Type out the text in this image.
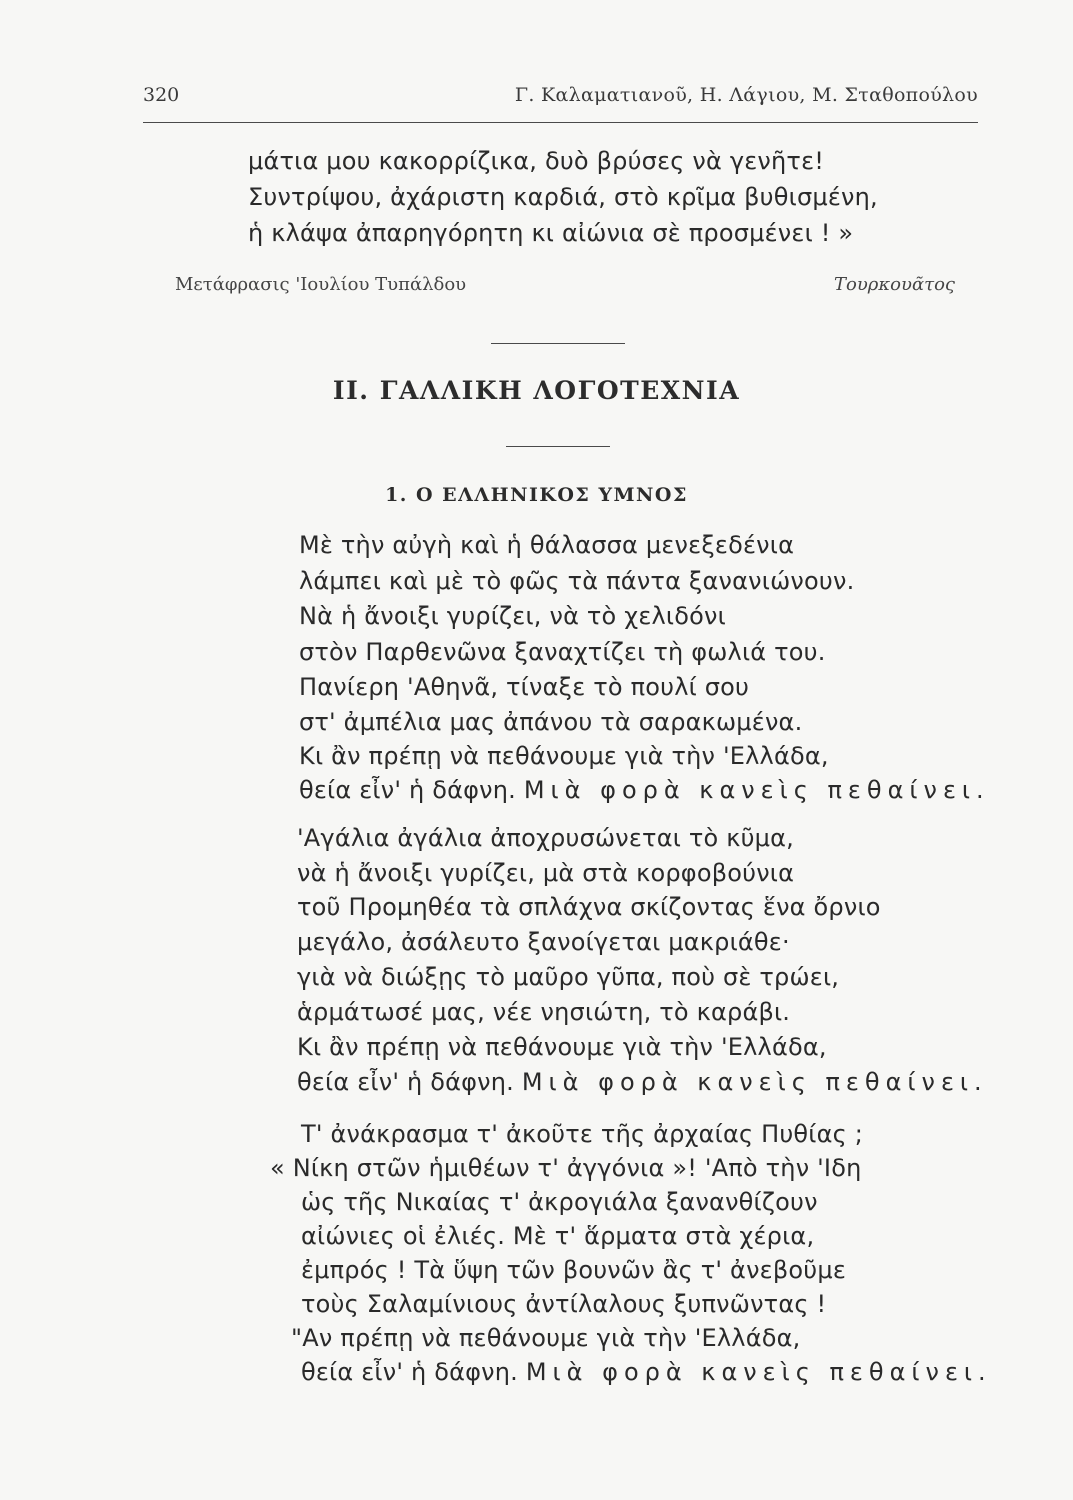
320	Γ. Καλαματιανοῦ, Η. Λάγιου, Μ. Σταθοπούλου
μάτια μου κακορρίζικα, δυὸ βρύσες νὰ γενῆτε!
Συντρίψου, ἀχάριστη καρδιά, στὸ κρῖμα βυθισμένη,
ἡ κλάψα ἀπαρηγόρητη κι αἰώνια σὲ προσμένει ! »
Μετάφρασις 'Ιουλίου Τυπάλδου	Τουρκουᾶτος
ΙΙ. ΓΑΛΛΙΚΗ ΛΟΓΟΤΕΧΝΙΑ
1. Ο ΕΛΛΗΝΙΚΟΣ ΥΜΝΟΣ
Μὲ τὴν αὐγὴ καὶ ἡ θάλασσα μενεξεδένια
λάμπει καὶ μὲ τὸ φῶς τὰ πάντα ξανανιώνουν.
Νὰ ἡ ἄνοιξι γυρίζει, νὰ τὸ χελιδόνι
στὸν Παρθενῶνα ξαναχτίζει τὴ φωλιά του.
Πανίερη 'Αθηνᾶ, τίναξε τὸ πουλί σου
στ' ἀμπέλια μας ἀπάνου τὰ σαρακωμένα.
Κι ἂν πρέπῃ νὰ πεθάνουμε γιὰ τὴν 'Ελλάδα,
θεία εἶν' ἡ δάφνη. Μιὰ φορὰ κανεὶς πεθαίνει.
'Αγάλια ἀγάλια ἀποχρυσώνεται τὸ κῦμα,
νὰ ἡ ἄνοιξι γυρίζει, μὰ στὰ κορφοβούνια
τοῦ Προμηθέα τὰ σπλάχνα σκίζοντας ἕνα ὄρνιο
μεγάλο, ἀσάλευτο ξανοίγεται μακριάθε·
γιὰ νὰ διώξῃς τὸ μαῦρο γῦπα, ποὺ σὲ τρώει,
ἁρμάτωσέ μας, νέε νησιώτη, τὸ καράβι.
Κι ἂν πρέπῃ νὰ πεθάνουμε γιὰ τὴν 'Ελλάδα,
θεία εἶν' ἡ δάφνη. Μιὰ φορὰ κανεὶς πεθαίνει.
Τ' ἀνάκρασμα τ' ἀκοῦτε τῆς ἀρχαίας Πυθίας ;
« Νίκη στῶν ἡμιθέων τ' ἀγγόνια »! 'Απὸ τὴν 'Ιδη
ὡς τῆς Νικαίας τ' ἀκρογιάλα ξανανθίζουν
αἰώνιες οἱ ἐλιές. Μὲ τ' ἅρματα στὰ χέρια,
ἐμπρός ! Τὰ ὕψη τῶν βουνῶν ἂς τ' ἀνεβοῦμε
τοὺς Σαλαμίνιους ἀντίλαλους ξυπνῶντας !
"Αν πρέπῃ νὰ πεθάνουμε γιὰ τὴν 'Ελλάδα,
θεία εἶν' ἡ δάφνη. Μιὰ φορὰ κανεὶς πεθαίνει.
